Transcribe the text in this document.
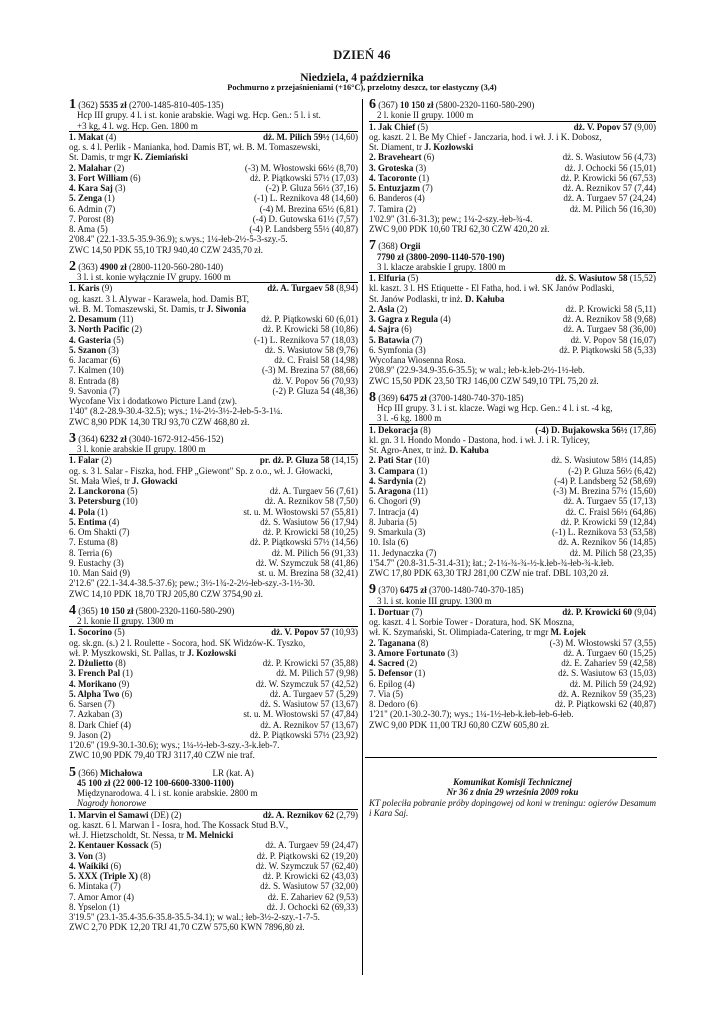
DZIEŃ 46
Niedziela, 4 października
Pochmurno z przejaśnieniami (+16°C), przelotny deszcz, tor elastyczny (3,4)
1 (362) 5535 zł (2700-1485-810-405-135)
Hcp III grupy. 4 l. i st. konie arabskie. Wagi wg. Hcp. Gen.: 5 l. i st.
+3 kg, 4 l. wg. Hcp. Gen. 1800 m
1. Makat (4)	dż. M. Pilich 59½ (14,60)
og. s. 4 l. Perlik - Manianka, hod. Damis BT, wł. B. M. Tomaszewski,
St. Damis, tr mgr K. Ziemiański
2. Malahar (2)	(-3) M. Włostowski 66½ (8,70)
3. Fort William (6)	dż. P. Piątkowski 57½ (17,03)
4. Kara Saj (3)	(-2) P. Gluza 56½ (37,16)
5. Zenga (1)	(-1) L. Reznikova 48 (14,60)
6. Admin (7)	(-4) M. Brezina 65½ (6,81)
7. Porost (8)	(-4) D. Gutowska 61½ (7,57)
8. Ama (5)	(-4) P. Landsberg 55½ (40,87)
2'08.4" (22.1-33.5-35.9-36.9); s.wys.; 1¼-łeb-2½-5-3-szy.-5.
ZWC 14,50 PDK 55,10 TRJ 940,40 CZW 2435,70 zł.
2 (363) 4900 zł (2800-1120-560-280-140)
3 l. i st. konie wyłącznie IV grupy. 1600 m
1. Karis (9)	dż. A. Turgaev 58 (8,94)
og. kaszt. 3 l. Alywar - Karawela, hod. Damis BT,
wł. B. M. Tomaszewski, St. Damis, tr J. Siwonia
2. Desamum (11)	dż. P. Piątkowski 60 (6,01)
3. North Pacific (2)	dż. P. Krowicki 58 (10,86)
4. Gasteria (5)	(-1) L. Reznikova 57 (18,03)
5. Szanon (3)	dż. S. Wasiutow 58 (9,76)
6. Jacamar (6)	dż. C. Fraisl 58 (14,98)
7. Kalmen (10)	(-3) M. Brezina 57 (88,66)
8. Entrada (8)	dż. V. Popov 56 (70,93)
9. Savonia (7)	(-2) P. Gluza 54 (48,36)
Wycofane Vix i dodatkowo Picture Land (zw).
1'40" (8.2-28.9-30.4-32.5); wys.; 1¼-2½-3½-2-łeb-5-3-1¼.
ZWC 8,90 PDK 14,30 TRJ 93,70 CZW 468,80 zł.
3 (364) 6232 zł (3040-1672-912-456-152)
3 l. konie arabskie II grupy. 1800 m
1. Falar (2)	pr. dż. P. Gluza 58 (14,15)
og. s. 3 l. Salar - Fiszka, hod. FHP „Giewont" Sp. z o.o., wł. J. Głowacki,
St. Mała Wieś, tr J. Głowacki
2. Lanckorona (5)	dż. A. Turgaev 56 (7,61)
3. Petersburg (10)	dż. A. Reznikov 58 (7,50)
4. Pola (1)	st. u. M. Włostowski 57 (55,81)
5. Entima (4)	dż. S. Wasiutow 56 (17,94)
6. Om Shakti (7)	dż. P. Krowicki 58 (10,25)
7. Estuma (8)	dż. P. Piątkowski 57½ (14,56)
8. Terria (6)	dż. M. Pilich 56 (91,33)
9. Eustachy (3)	dż. W. Szymczuk 58 (41,86)
10. Man Said (9)	st. u. M. Brezina 58 (32,41)
2'12.6" (22.1-34.4-38.5-37.6); pew.; 3½-1¾-2-2½-łeb-szy.-3-1½-30.
ZWC 14,10 PDK 18,70 TRJ 205,80 CZW 3754,90 zł.
4 (365) 10 150 zł (5800-2320-1160-580-290)
2 l. konie II grupy. 1300 m
1. Socorino (5)	dż. V. Popov 57 (10,93)
og. sk.gn. (s.) 2 l. Roulette - Socora, hod. SK Widzów-K. Tyszko,
wł. P. Myszkowski, St. Pallas, tr J. Kozłowski
2. Dżulietto (8)	dż. P. Krowicki 57 (35,88)
3. French Pal (1)	dż. M. Pilich 57 (9,98)
4. Morikano (9)	dż. W. Szymczuk 57 (42,52)
5. Alpha Two (6)	dż. A. Turgaev 57 (5,29)
6. Sarsen (7)	dż. S. Wasiutow 57 (13,67)
7. Azkaban (3)	st. u. M. Włostowski 57 (47,84)
8. Dark Chief (4)	dż. A. Reznikov 57 (13,67)
9. Jason (2)	dż. P. Piątkowski 57½ (23,92)
1'20.6" (19.9-30.1-30.6); wys.; 1¼-½-łeb-3-szy.-3-k.łeb-7.
ZWC 10,90 PDK 79,40 TRJ 3117,40 CZW nie traf.
5 (366) Michałowa	LR (kat. A)
45 100 zł (22 000-12 100-6600-3300-1100)
Międzynarodowa. 4 l. i st. konie arabskie. 2800 m
Nagrody honorowe
1. Marvin el Samawi (DE) (2)	dż. A. Reznikov 62 (2,79)
og. kaszt. 6 l. Marwan I - Iosra, hod. The Kossack Stud B.V.,
wł. J. Hietzscholdt, St. Nessa, tr M. Melnicki
2. Kentauer Kossack (5)	dż. A. Turgaev 59 (24,47)
3. Von (3)	dż. P. Piątkowski 62 (19,20)
4. Waikiki (6)	dż. W. Szymczuk 57 (62,40)
5. XXX (Triple X) (8)	dż. P. Krowicki 62 (43,03)
6. Mintaka (7)	dż. S. Wasiutow 57 (32,00)
7. Amor Amor (4)	dż. E. Zahariev 62 (9,53)
8. Ypselon (1)	dż. J. Ochocki 62 (69,33)
3'19.5" (23.1-35.4-35.6-35.8-35.5-34.1); w wal.; łeb-3½-2-szy.-1-7-5.
ZWC 2,70 PDK 12,20 TRJ 41,70 CZW 575,60 KWN 7896,80 zł.
6 (367) 10 150 zł (5800-2320-1160-580-290)
2 l. konie II grupy. 1000 m
1. Jak Chief (5)	dż. V. Popov 57 (9,00)
og. kaszt. 2 l. Be My Chief - Janczaria, hod. i wł. J. i K. Dobosz,
St. Diament, tr J. Kozłowski
2. Braveheart (6)	dż. S. Wasiutow 56 (4,73)
3. Groteska (3)	dż. J. Ochocki 56 (15,01)
4. Tacoronte (1)	dż. P. Krowicki 56 (67,53)
5. Entuzjazm (7)	dż. A. Reznikov 57 (7,44)
6. Banderos (4)	dż. A. Turgaev 57 (24,24)
7. Tamira (2)	dż. M. Pilich 56 (16,30)
1'02.9" (31.6-31.3); pew.; 1¼-2-szy.-łeb-¾-4.
ZWC 9,00 PDK 10,60 TRJ 62,30 CZW 420,20 zł.
7 (368) Orgii
7790 zł (3800-2090-1140-570-190)
3 l. klacze arabskie I grupy. 1800 m
1. Elfuria (5)	dż. S. Wasiutow 58 (15,52)
kl. kaszt. 3 l. HS Etiquette - El Fatha, hod. i wł. SK Janów Podlaski,
St. Janów Podlaski, tr inż. D. Kałuba
2. Asla (2)	dż. P. Krowicki 58 (5,11)
3. Gagra z Regula (4)	dż. A. Reznikov 58 (9,68)
4. Sajra (6)	dż. A. Turgaev 58 (36,00)
5. Batawia (7)	dż. V. Popov 58 (16,07)
6. Symfonia (3)	dż. P. Piątkowski 58 (5,33)
Wycofana Wiosenna Rosa.
2'08.9" (22.9-34.9-35.6-35.5); w wal.; łeb-k.łeb-2½-1½-łeb.
ZWC 15,50 PDK 23,50 TRJ 146,00 CZW 549,10 TPL 75,20 zł.
8 (369) 6475 zł (3700-1480-740-370-185)
Hcp III grupy. 3 l. i st. klacze. Wagi wg Hcp. Gen.: 4 l. i st. -4 kg,
3 l. -6 kg. 1800 m
1. Dekoracja (8)	(-4) D. Bujakowska 56½ (17,86)
kl. gn. 3 l. Hondo Mondo - Dastona, hod. i wł. J. i R. Tylicey,
St. Agro-Anex, tr inż. D. Kałuba
2. Pati Star (10)	dż. S. Wasiutow 58½ (14,85)
3. Campara (1)	(-2) P. Gluza 56½ (6,42)
4. Sardynia (2)	(-4) P. Landsberg 52 (58,69)
5. Aragona (11)	(-3) M. Brezina 57½ (15,60)
6. Chogori (9)	dż. A. Turgaev 55 (17,13)
7. Intracja (4)	dż. C. Fraisl 56½ (64,86)
8. Jubaria (5)	dż. P. Krowicki 59 (12,84)
9. Smarkula (3)	(-1) L. Reznikova 53 (53,58)
10. Isla (6)	dż. A. Reznikov 56 (14,85)
11. Jedynaczka (7)	dż. M. Pilich 58 (23,35)
1'54.7" (20.8-31.5-31.4-31); łat.; 2-1¼-¾-¾-½-k.łeb-¾-łeb-¾-k.łeb.
ZWC 17,80 PDK 63,30 TRJ 281,00 CZW nie traf. DBL 103,20 zł.
9 (370) 6475 zł (3700-1480-740-370-185)
3 l. i st. konie III grupy. 1300 m
1. Dortuar (7)	dż. P. Krowicki 60 (9,04)
og. kaszt. 4 l. Sorbie Tower - Doratura, hod. SK Moszna,
wł. K. Szymański, St. Olimpiada-Catering, tr mgr M. Łojek
2. Taganana (8)	(-3) M. Włostowski 57 (3,55)
3. Amore Fortunato (3)	dż. A. Turgaev 60 (15,25)
4. Sacred (2)	dż. E. Zahariev 59 (42,58)
5. Defensor (1)	dż. S. Wasiutow 63 (15,03)
6. Epilog (4)	dż. M. Pilich 59 (24,92)
7. Via (5)	dż. A. Reznikov 59 (35,23)
8. Dedoro (6)	dż. P. Piątkowski 62 (40,87)
1'21" (20.1-30.2-30.7); wys.; 1¼-1½-łeb-k.łeb-łeb-6-łeb.
ZWC 9,00 PDK 11,00 TRJ 60,80 CZW 605,80 zł.
Komunikat Komisji Technicznej
Nr 36 z dnia 29 września 2009 roku
KT poleciła pobranie próby dopingowej od koni w treningu: ogierów Desamum i Kara Saj.
